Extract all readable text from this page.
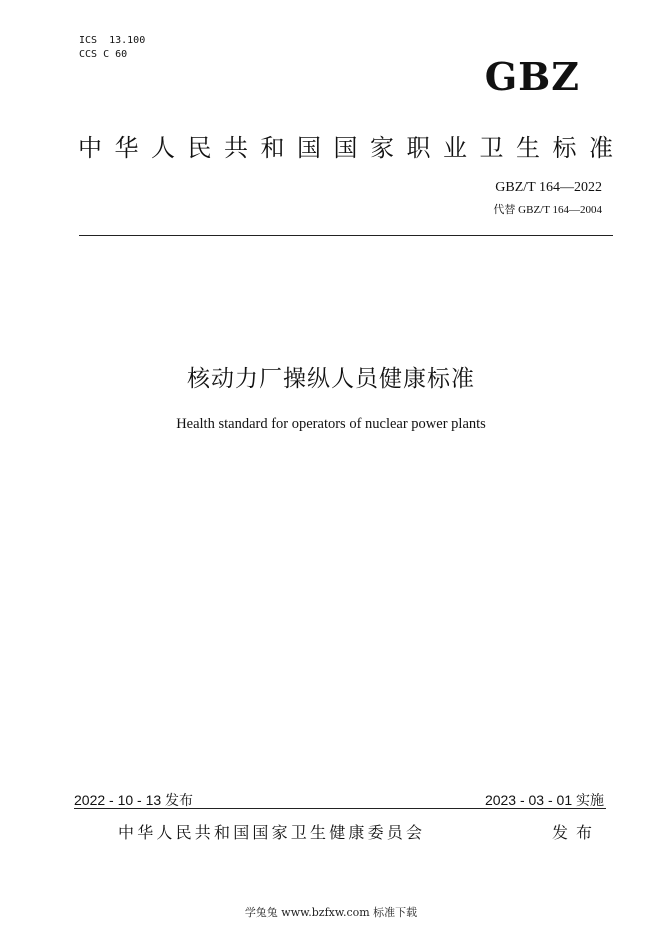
ICS  13.100
CCS C 60	GBZ
中华人民共和国国家职业卫生标准
GBZ/T 164—2022
代替 GBZ/T 164—2004
核动力厂操纵人员健康标准
Health standard for operators of nuclear power plants
2022 - 10 - 13 发布	2023 - 03 - 01 实施
中华人民共和国国家卫生健康委员会	发布
学兔兔 www.bzfxw.com 标准下载
